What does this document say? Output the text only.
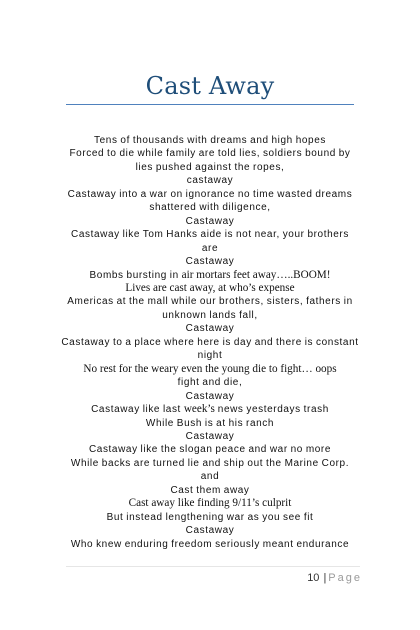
Cast Away
Tens of thousands with dreams and high hopes
Forced to die while family are told lies, soldiers bound by
lies pushed against the ropes,
castaway
Castaway into a war on ignorance no time wasted dreams
shattered with diligence,
Castaway
Castaway like Tom Hanks aide is not near, your brothers
are
Castaway
Bombs bursting in air mortars feet away…..BOOM!
Lives are cast away, at who’s expense
Americas at the mall while our brothers, sisters, fathers in
unknown lands fall,
Castaway
Castaway to a place where here is day and there is constant
night
No rest for the weary even the young die to fight… oops
fight and die,
Castaway
Castaway like last week’s news yesterdays trash
While Bush is at his ranch
Castaway
Castaway like the slogan peace and war no more
While backs are turned lie and ship out the Marine Corp.
and
Cast them away
Cast away like finding 9/11’s culprit
But instead lengthening war as you see fit
Castaway
Who knew enduring freedom seriously meant endurance
10 | Page
